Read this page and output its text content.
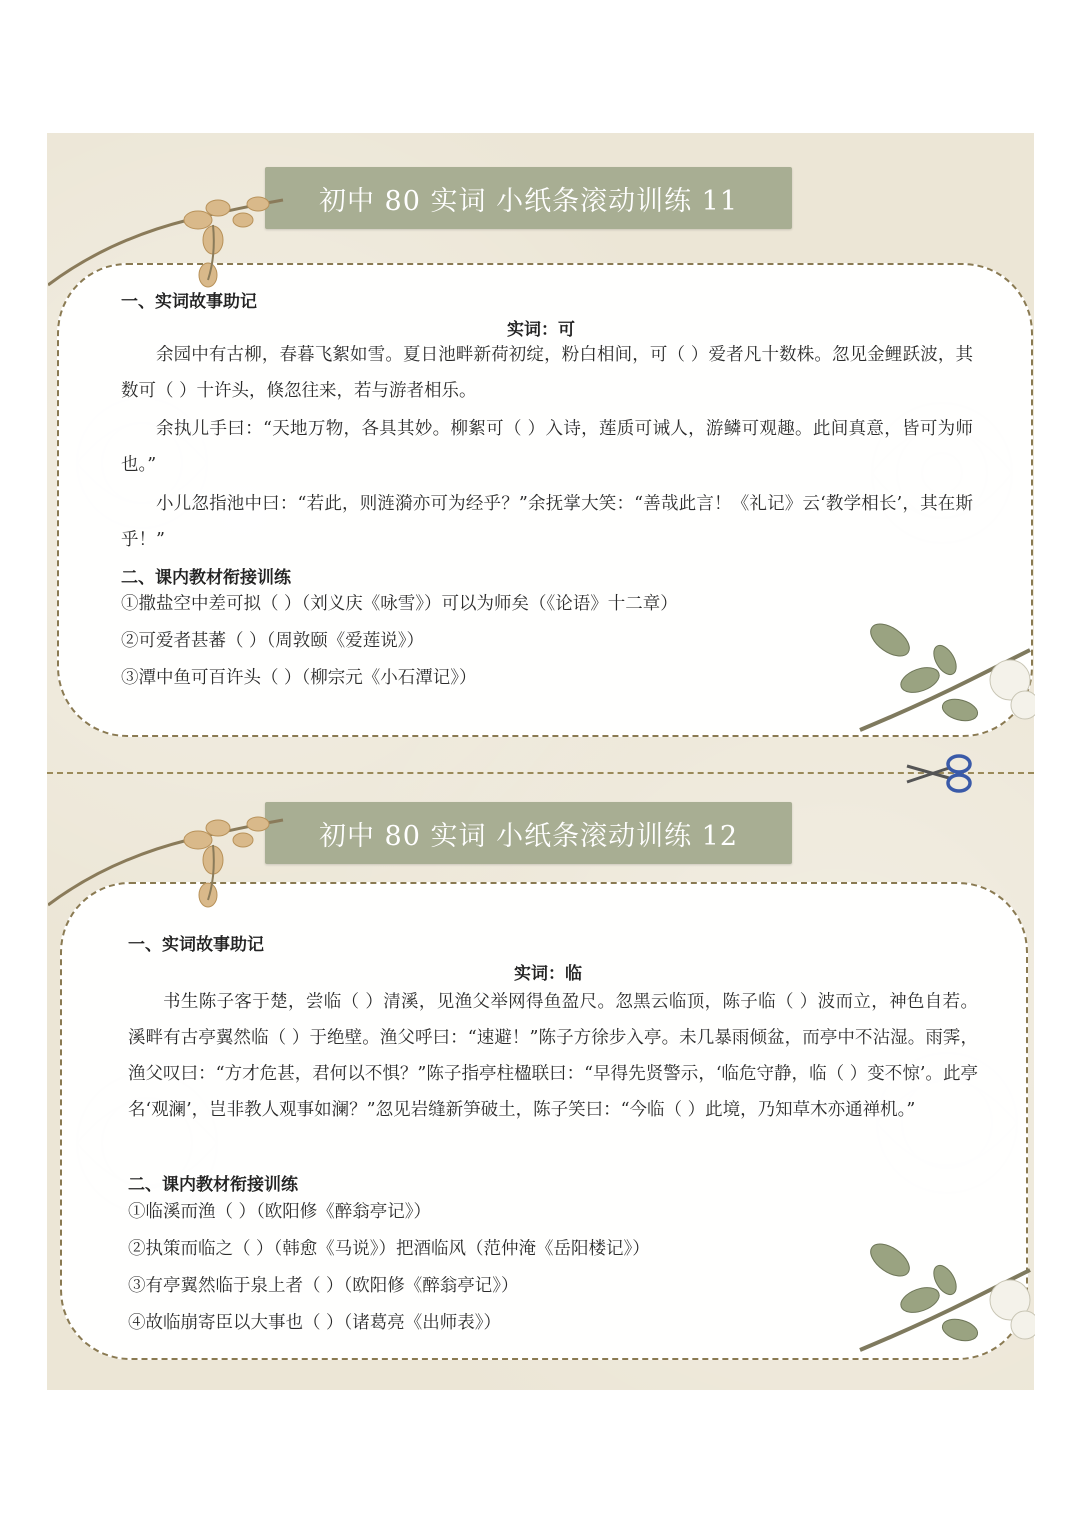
一、实词故事助记
实词：可
余园中有古柳，春暮飞絮如雪。夏日池畔新荷初绽，粉白相间，可（ ）爱者凡十数株。忽见金鲤跃波，其数可（ ）十许头，倏忽往来，若与游者相乐。
余执儿手曰：“天地万物，各具其妙。柳絮可（ ）入诗，莲质可诫人，游鳞可观趣。此间真意，皆可为师也。”
小儿忽指池中曰：“若此，则涟漪亦可为经乎？”余抚掌大笑：“善哉此言！《礼记》云‘教学相长’，其在斯乎！”
二、课内教材衔接训练
①撒盐空中差可拟（ ）（刘义庆《咏雪》）可以为师矣（《论语》十二章）
②可爱者甚蕃（ ）（周敦颐《爱莲说》）
③潭中鱼可百许头（ ）（柳宗元《小石潭记》）
初中 80 实词 小纸条滚动训练 11
一、实词故事助记
实词：临
书生陈子客于楚，尝临（ ）清溪，见渔父举网得鱼盈尺。忽黑云临顶，陈子临（ ）波而立，神色自若。溪畔有古亭翼然临（ ）于绝壁。渔父呼曰：“速避！”陈子方徐步入亭。未几暴雨倾盆，而亭中不沾湿。雨霁，渔父叹曰：“方才危甚，君何以不惧？”陈子指亭柱楹联曰：“早得先贤警示，‘临危守静，临（ ）变不惊’。此亭名‘观澜’，岂非教人观事如澜？”忽见岩缝新笋破土，陈子笑曰：“今临（ ）此境，乃知草木亦通禅机。”
二、课内教材衔接训练
①临溪而渔（ ）（欧阳修《醉翁亭记》）
②执策而临之（ ）（韩愈《马说》）把酒临风（范仲淹《岳阳楼记》）
③有亭翼然临于泉上者（ ）（欧阳修《醉翁亭记》）
④故临崩寄臣以大事也（ ）（诸葛亮《出师表》）
初中 80 实词 小纸条滚动训练 12
